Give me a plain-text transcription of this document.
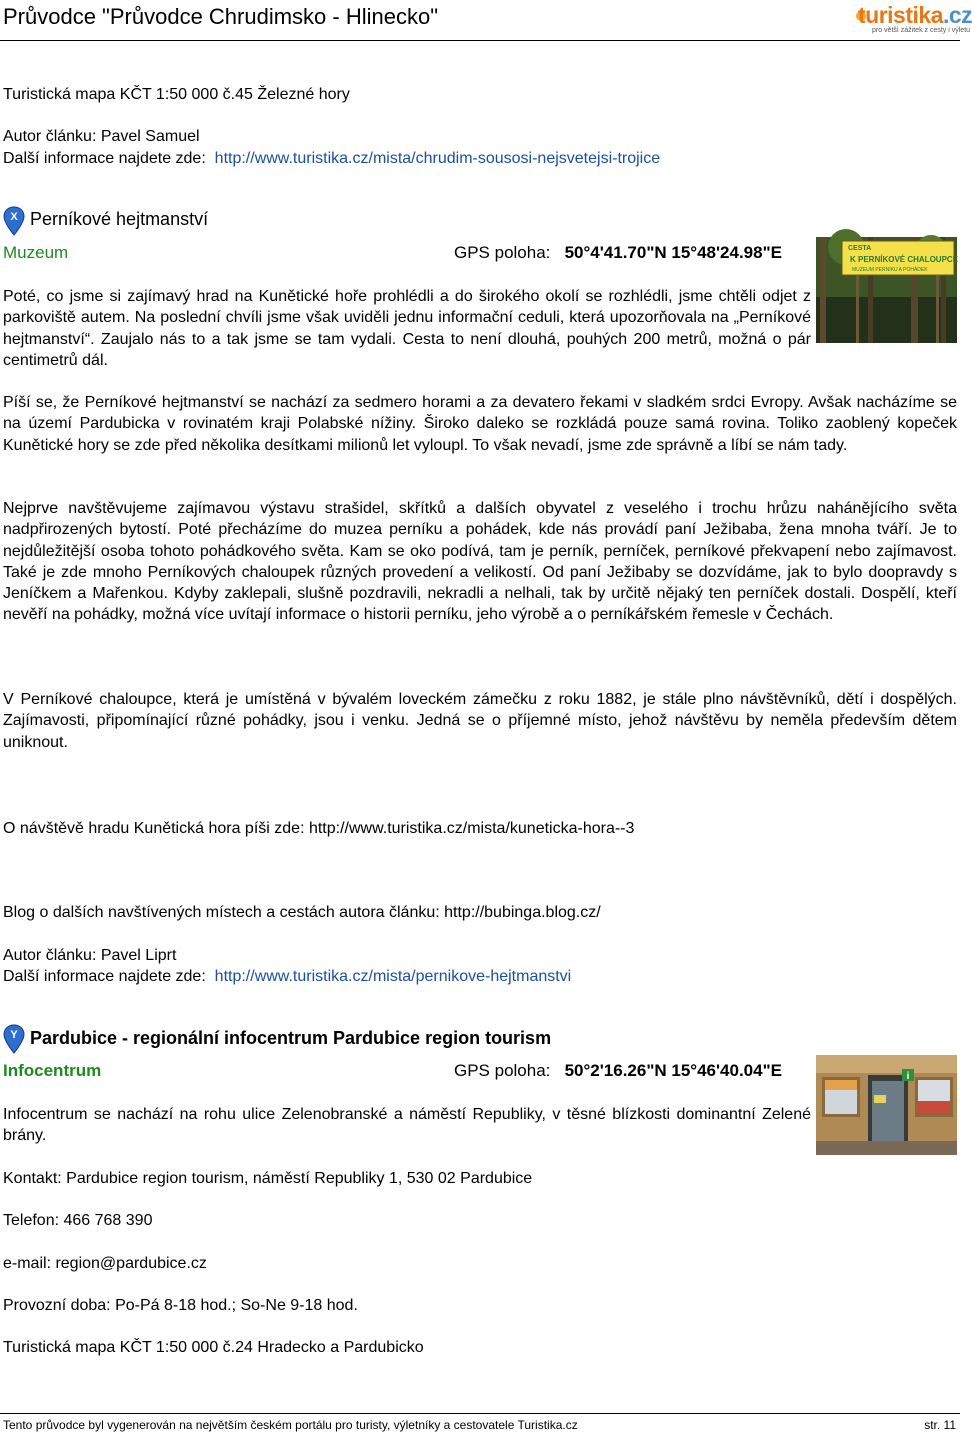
Průvodce "Průvodce Chrudimsko - Hlinecko"	turistika.cz
pro většì zážitek z cesty i výletu
Turistická mapa KČT 1:50 000 č.45 Železné hory
Autor článku: Pavel Samuel
Další informace najdete zde: http://www.turistika.cz/mista/chrudim-sousosi-nejsvetejsi-trojice
X Perníkové hejtmanství
Muzeum	GPS poloha: 50°4'41.70"N 15°48'24.98"E	CESTA
K PERNÍKOVÉ CHALOUPCE
MUZEUM PERNÍKU A POHÁDEK
Poté, co jsme si zajímavý hrad na Kunětické hoře prohlédli a do širokého okolí se rozhlédli, jsme chtěli odjet z parkoviště autem. Na poslední chvíli jsme však uviděli jednu informační ceduli, která upozorňovala na „Perníkové hejtmanství“. Zaujalo nás to a tak jsme se tam vydali. Cesta to není dlouhá, pouhých 200 metrů, možná o pár centimetrů dál.
Píší se, že Perníkové hejtmanství se nachází za sedmero horami a za devatero řekami v sladkém srdci Evropy. Avšak nacházíme se na území Pardubicka v rovinatém kraji Polabské nížiny. Široko daleko se rozkládá pouze samá rovina. Toliko zaoblený kopeček Kunětické hory se zde před několika desítkami milionů let vyloupl. To však nevadí, jsme zde správně a líbí se nám tady.
Nejprve navštěvujeme zajímavou výstavu strašidel, skřítků a dalších obyvatel z veselého i trochu hrůzu nahánějícího světa nadpřirozených bytostí. Poté přecházíme do muzea perníku a pohádek, kde nás provádí paní Ježibaba, žena mnoha tváří. Je to nejdůležitější osoba tohoto pohádkového světa. Kam se oko podívá, tam je perník, perníček, perníkové překvapení nebo zajímavost. Také je zde mnoho Perníkových chaloupek různých provedení a velikostí. Od paní Ježibaby se dozvídáme, jak to bylo doopravdy s Jeníčkem a Mařenkou. Kdyby zaklepali, slušně pozdravili, nekradli a nelhali, tak by určitě nějaký ten perníček dostali. Dospělí, kteří nevěří na pohádky, možná více uvítají informace o historii perníku, jeho výrobě a o perníkářském řemesle v Čechách.
V Perníkové chaloupce, která je umístěná v bývalém loveckém zámečku z roku 1882, je stále plno návštěvníků, dětí i dospělých. Zajímavosti, připomínající různé pohádky, jsou i venku. Jedná se o příjemné místo, jehož návštěvu by neměla především dětem uniknout.
O návštěvě hradu Kunětická hora píši zde: http://www.turistika.cz/mista/kuneticka-hora--3
Blog o dalších navštívených místech a cestách autora článku: http://bubinga.blog.cz/
Autor článku: Pavel Liprt
Další informace najdete zde: http://www.turistika.cz/mista/pernikove-hejtmanstvi
Y Pardubice - regionální infocentrum Pardubice region tourism
Infocentrum	GPS poloha: 50°2'16.26"N 15°46'40.04"E	i
Infocentrum se nachází na rohu ulice Zelenobranské a náměstí Republiky, v těsné blízkosti dominantní Zelené brány.
Kontakt: Pardubice region tourism, náměstí Republiky 1, 530 02 Pardubice
Telefon: 466 768 390
e-mail: region@pardubice.cz
Provozní doba: Po-Pá 8-18 hod.; So-Ne 9-18 hod.
Turistická mapa KČT 1:50 000 č.24 Hradecko a Pardubicko
Tento průvodce byl vygenerován na největším českém portálu pro turisty, výletníky a cestovatele Turistika.cz	str. 11
